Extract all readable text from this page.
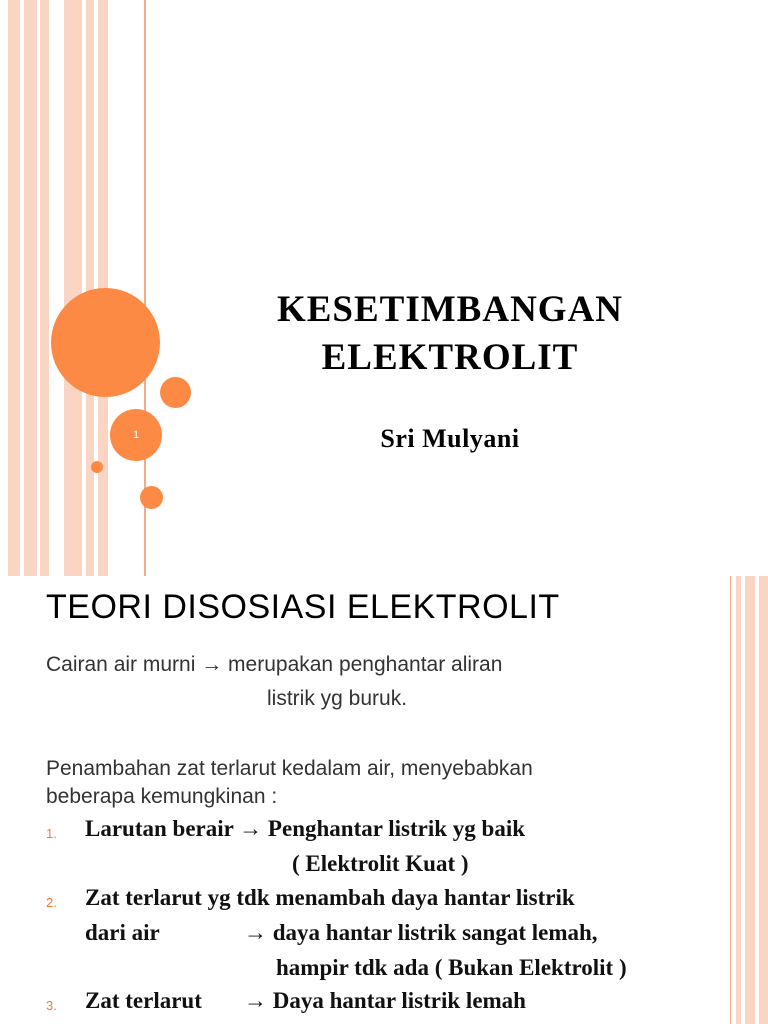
1
KESETIMBANGAN
ELEKTROLIT
Sri Mulyani
TEORI DISOSIASI ELEKTROLIT
Cairan air murni → merupakan penghantar aliran
listrik yg buruk.
Penambahan zat terlarut kedalam air, menyebabkan
beberapa kemungkinan :
1. Larutan berair → Penghantar listrik yg baik
( Elektrolit Kuat )
2. Zat terlarut yg tdk menambah daya hantar listrik
dari air	→ daya hantar listrik sangat lemah,
hampir tdk ada ( Bukan Elektrolit )
3. Zat terlarut → Daya hantar listrik lemah
